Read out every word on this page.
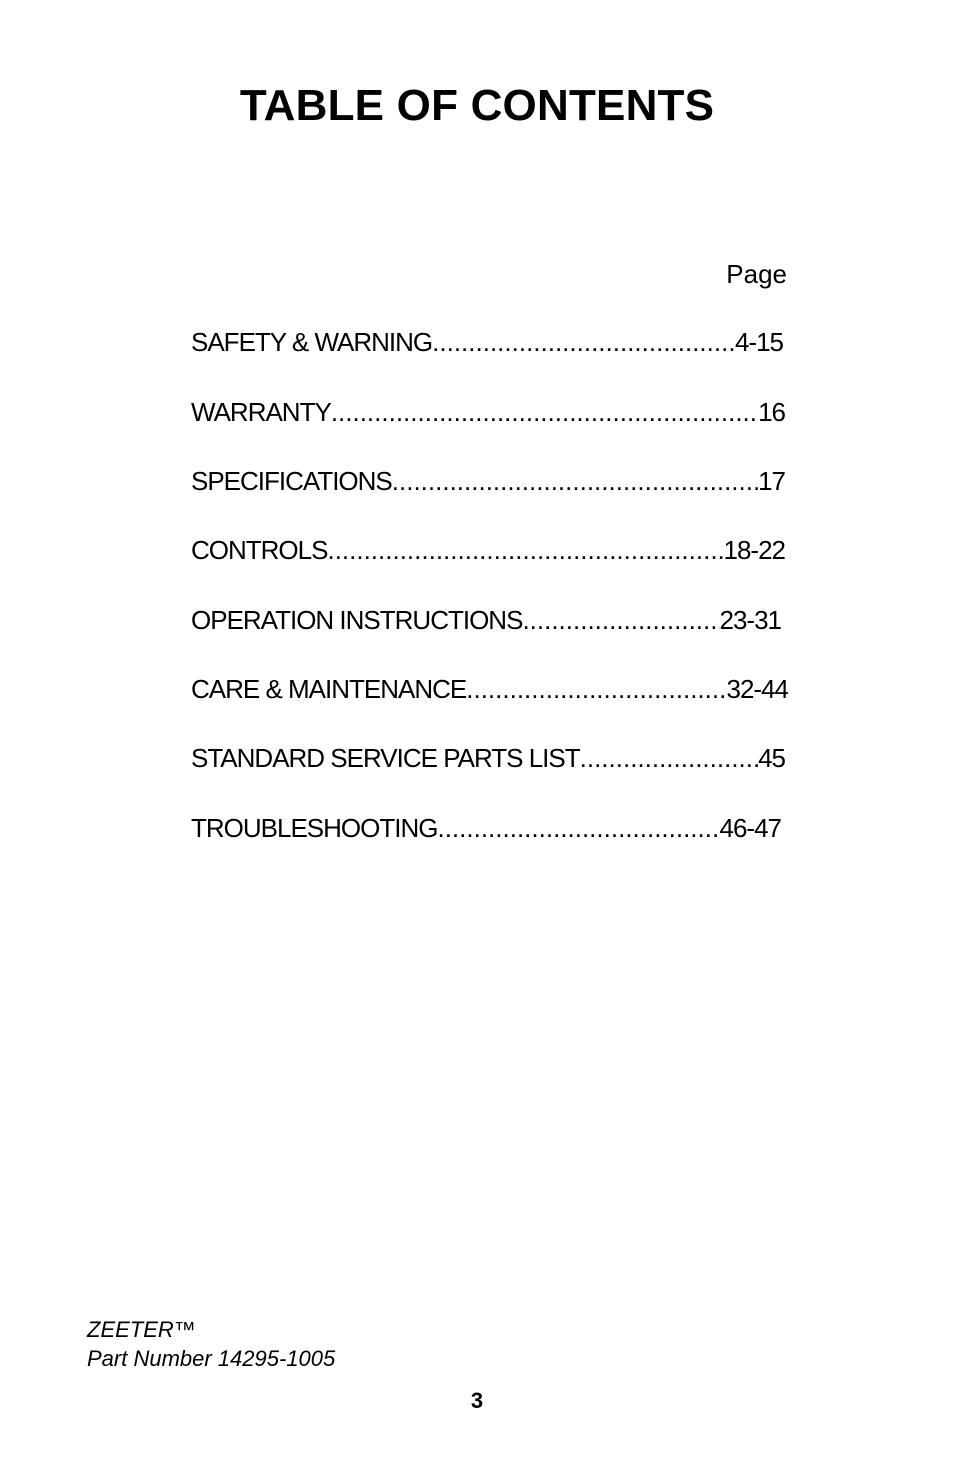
TABLE OF CONTENTS
Page
SAFETY & WARNING .....	4-15
WARRANTY .....	16
SPECIFICATIONS .....	17
CONTROLS .....	18-22
OPERATION INSTRUCTIONS .....	23-31
CARE & MAINTENANCE .....	32-44
STANDARD SERVICE PARTS LIST .....	45
TROUBLESHOOTING .....	46-47
ZEETER™
Part Number 14295-1005
3
